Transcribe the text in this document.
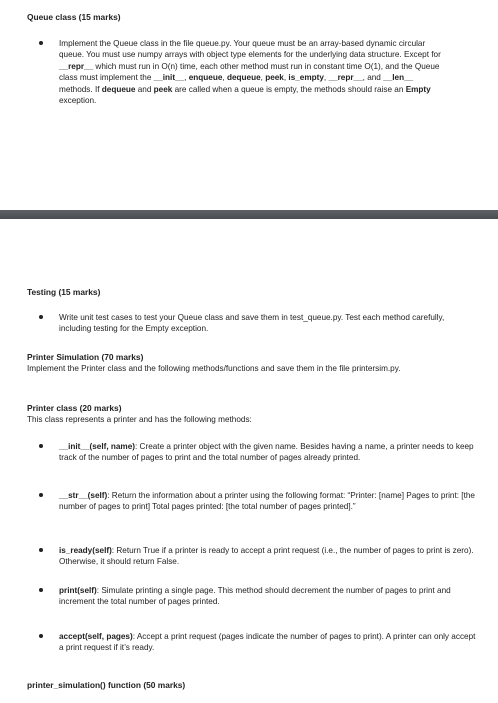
Queue class (15 marks)

Implement the Queue class in the file queue.py. Your queue must be an array-based dynamic circular queue. You must use numpy arrays with object type elements for the underlying data structure. Except for __repr__ which must run in O(n) time, each other method must run in constant time O(1), and the Queue class must implement the __init__, enqueue, dequeue, peek, is_empty, __repr__, and __len__ methods. If dequeue and peek are called when a queue is empty, the methods should raise an Empty exception.

Testing (15 marks)

Write unit test cases to test your Queue class and save them in test_queue.py. Test each method carefully, including testing for the Empty exception.

Printer Simulation (70 marks)

Implement the Printer class and the following methods/functions and save them in the file printersim.py.

Printer class (20 marks)

This class represents a printer and has the following methods:

__init__(self, name): Create a printer object with the given name. Besides having a name, a printer needs to keep track of the number of pages to print and the total number of pages already printed.
__str__(self): Return the information about a printer using the following format: “Printer: [name] Pages to print: [the number of pages to print] Total pages printed: [the total number of pages printed].”
is_ready(self): Return True if a printer is ready to accept a print request (i.e., the number of pages to print is zero). Otherwise, it should return False.
print(self): Simulate printing a single page. This method should decrement the number of pages to print and increment the total number of pages printed.
accept(self, pages): Accept a print request (pages indicate the number of pages to print). A printer can only accept a print request if it’s ready.

printer_simulation() function (50 marks)
